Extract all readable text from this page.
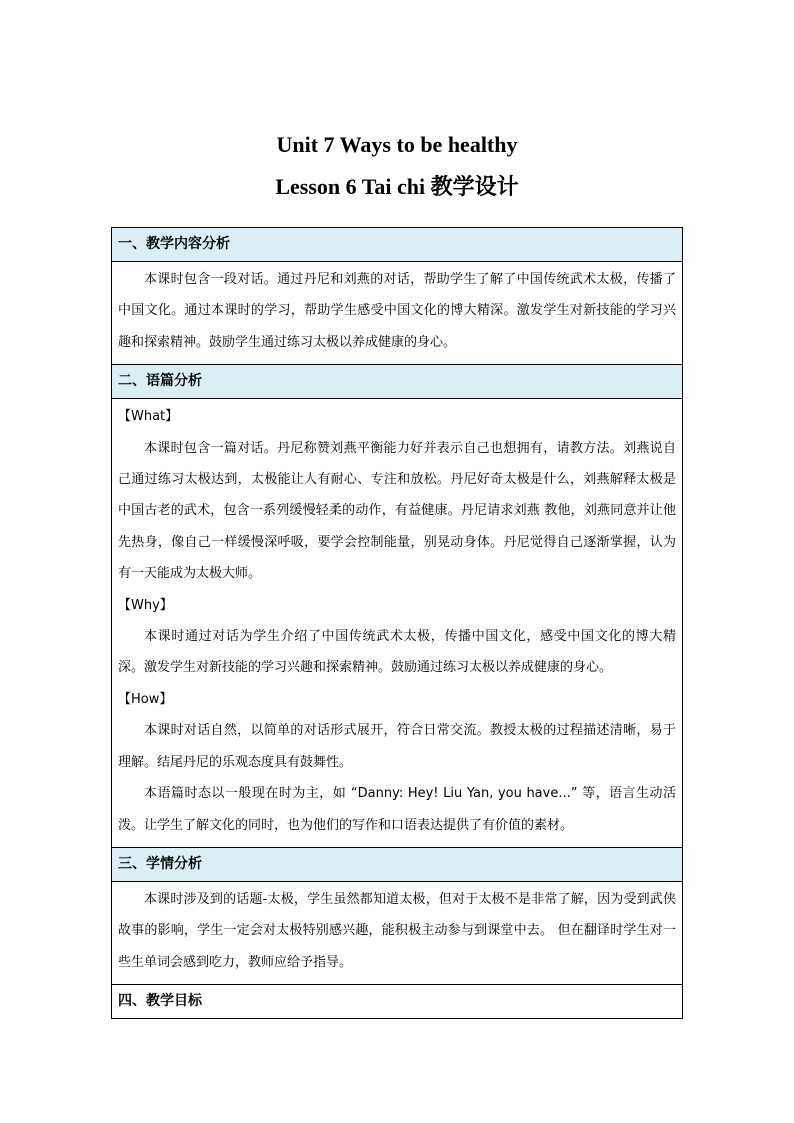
Unit 7 Ways to be healthy
Lesson 6 Tai chi 教学设计
一、教学内容分析

本课时包含一段对话。通过丹尼和刘燕的对话，帮助学生了解了中国传统武术太极，传播了中国文化。通过本课时的学习，帮助学生感受中国文化的博大精深。激发学生对新技能的学习兴趣和探索精神。鼓励学生通过练习太极以养成健康的身心。

二、语篇分析

【What】

本课时包含一篇对话。丹尼称赞刘燕平衡能力好并表示自己也想拥有，请教方法。刘燕说自己通过练习太极达到，太极能让人有耐心、专注和放松。丹尼好奇太极是什么，刘燕解释太极是中国古老的武术，包含一系列缓慢轻柔的动作，有益健康。丹尼请求刘燕 教他，刘燕同意并让他先热身，像自己一样缓慢深呼吸，要学会控制能量，别晃动身体。丹尼觉得自己逐渐掌握，认为有一天能成为太极大师。

【Why】

本课时通过对话为学生介绍了中国传统武术太极，传播中国文化，感受中国文化的博大精深。激发学生对新技能的学习兴趣和探索精神。鼓励通过练习太极以养成健康的身心。

【How】

本课时对话自然，以简单的对话形式展开，符合日常交流。教授太极的过程描述清晰，易于理解。结尾丹尼的乐观态度具有鼓舞性。

本语篇时态以一般现在时为主，如 “Danny: Hey! Liu Yan, you have...” 等，语言生动活泼。让学生了解文化的同时，也为他们的写作和口语表达提供了有价值的素材。

三、学情分析

本课时涉及到的话题-太极，学生虽然都知道太极，但对于太极不是非常了解，因为受到武侠故事的影响，学生一定会对太极特别感兴趣，能积极主动参与到课堂中去。 但在翻译时学生对一些生单词会感到吃力，教师应给予指导。

四、教学目标
